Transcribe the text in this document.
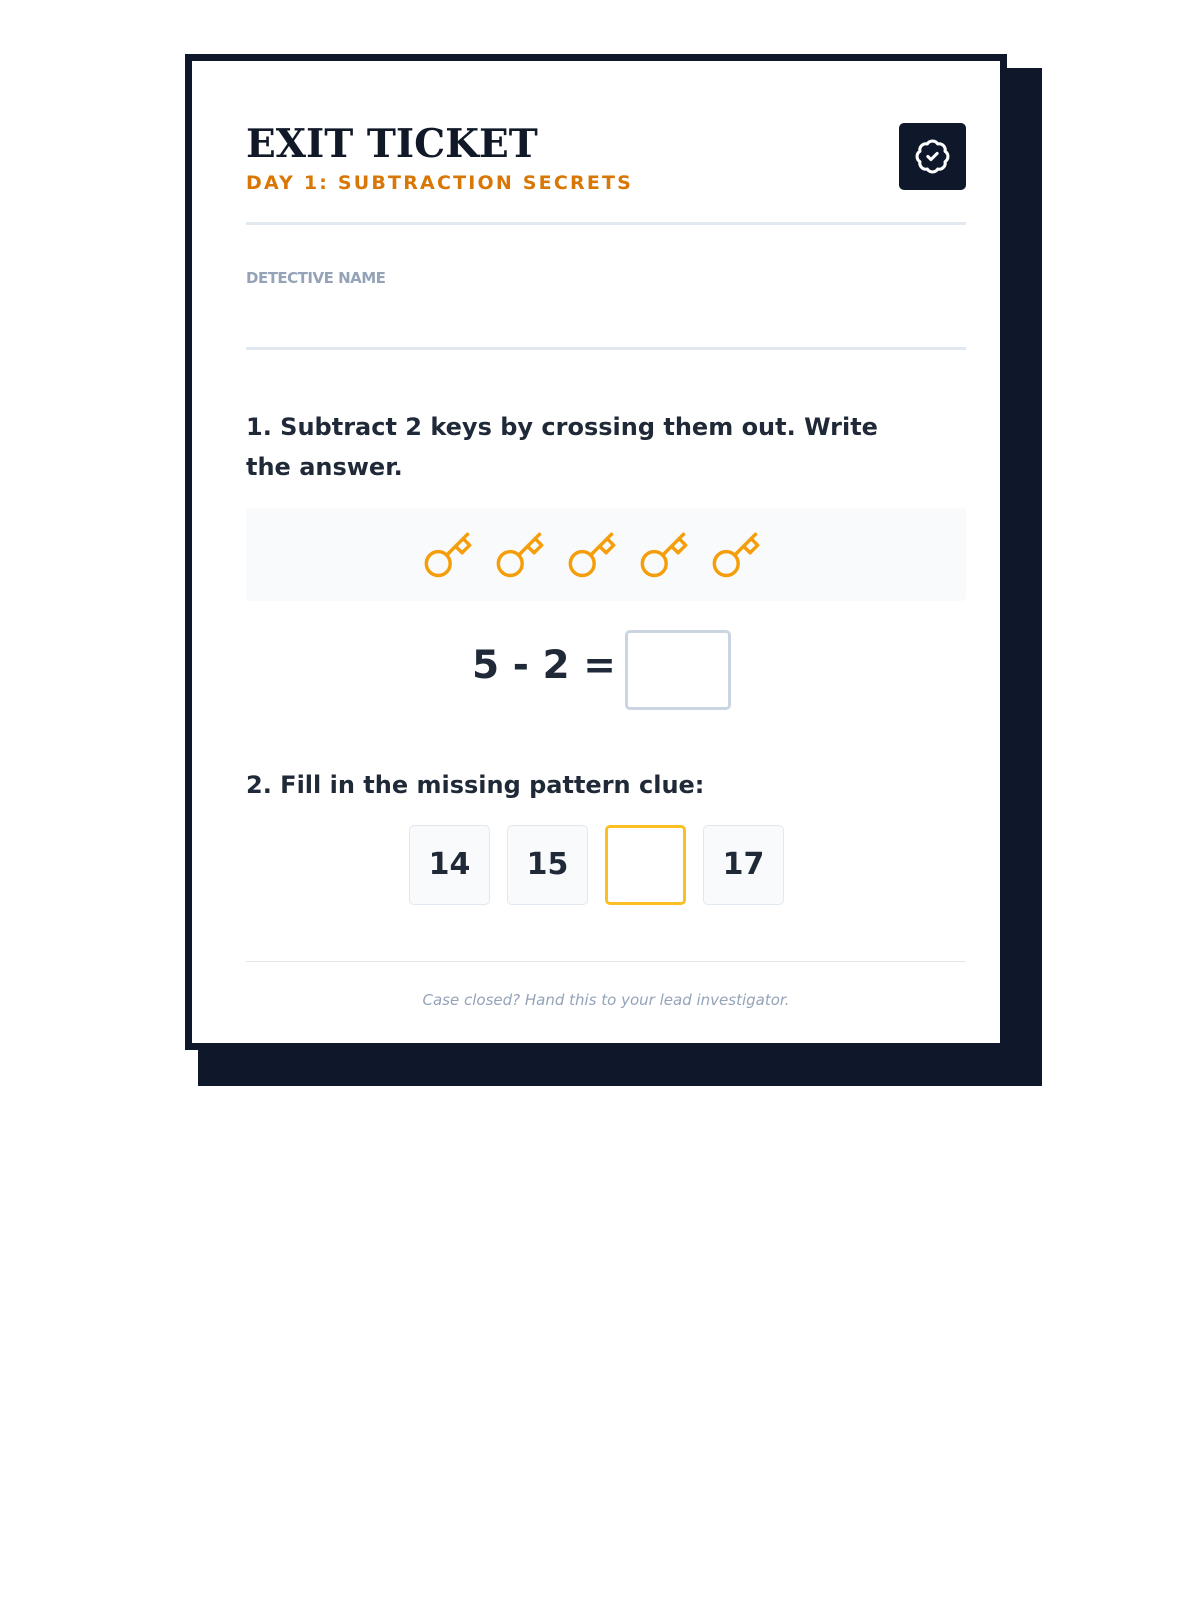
EXIT TICKET
DAY 1: SUBTRACTION SECRETS
DETECTIVE NAME
1. Subtract 2 keys by crossing them out. Write the answer.
5 - 2 =
2. Fill in the missing pattern clue:
14	15	17
Case closed? Hand this to your lead investigator.
